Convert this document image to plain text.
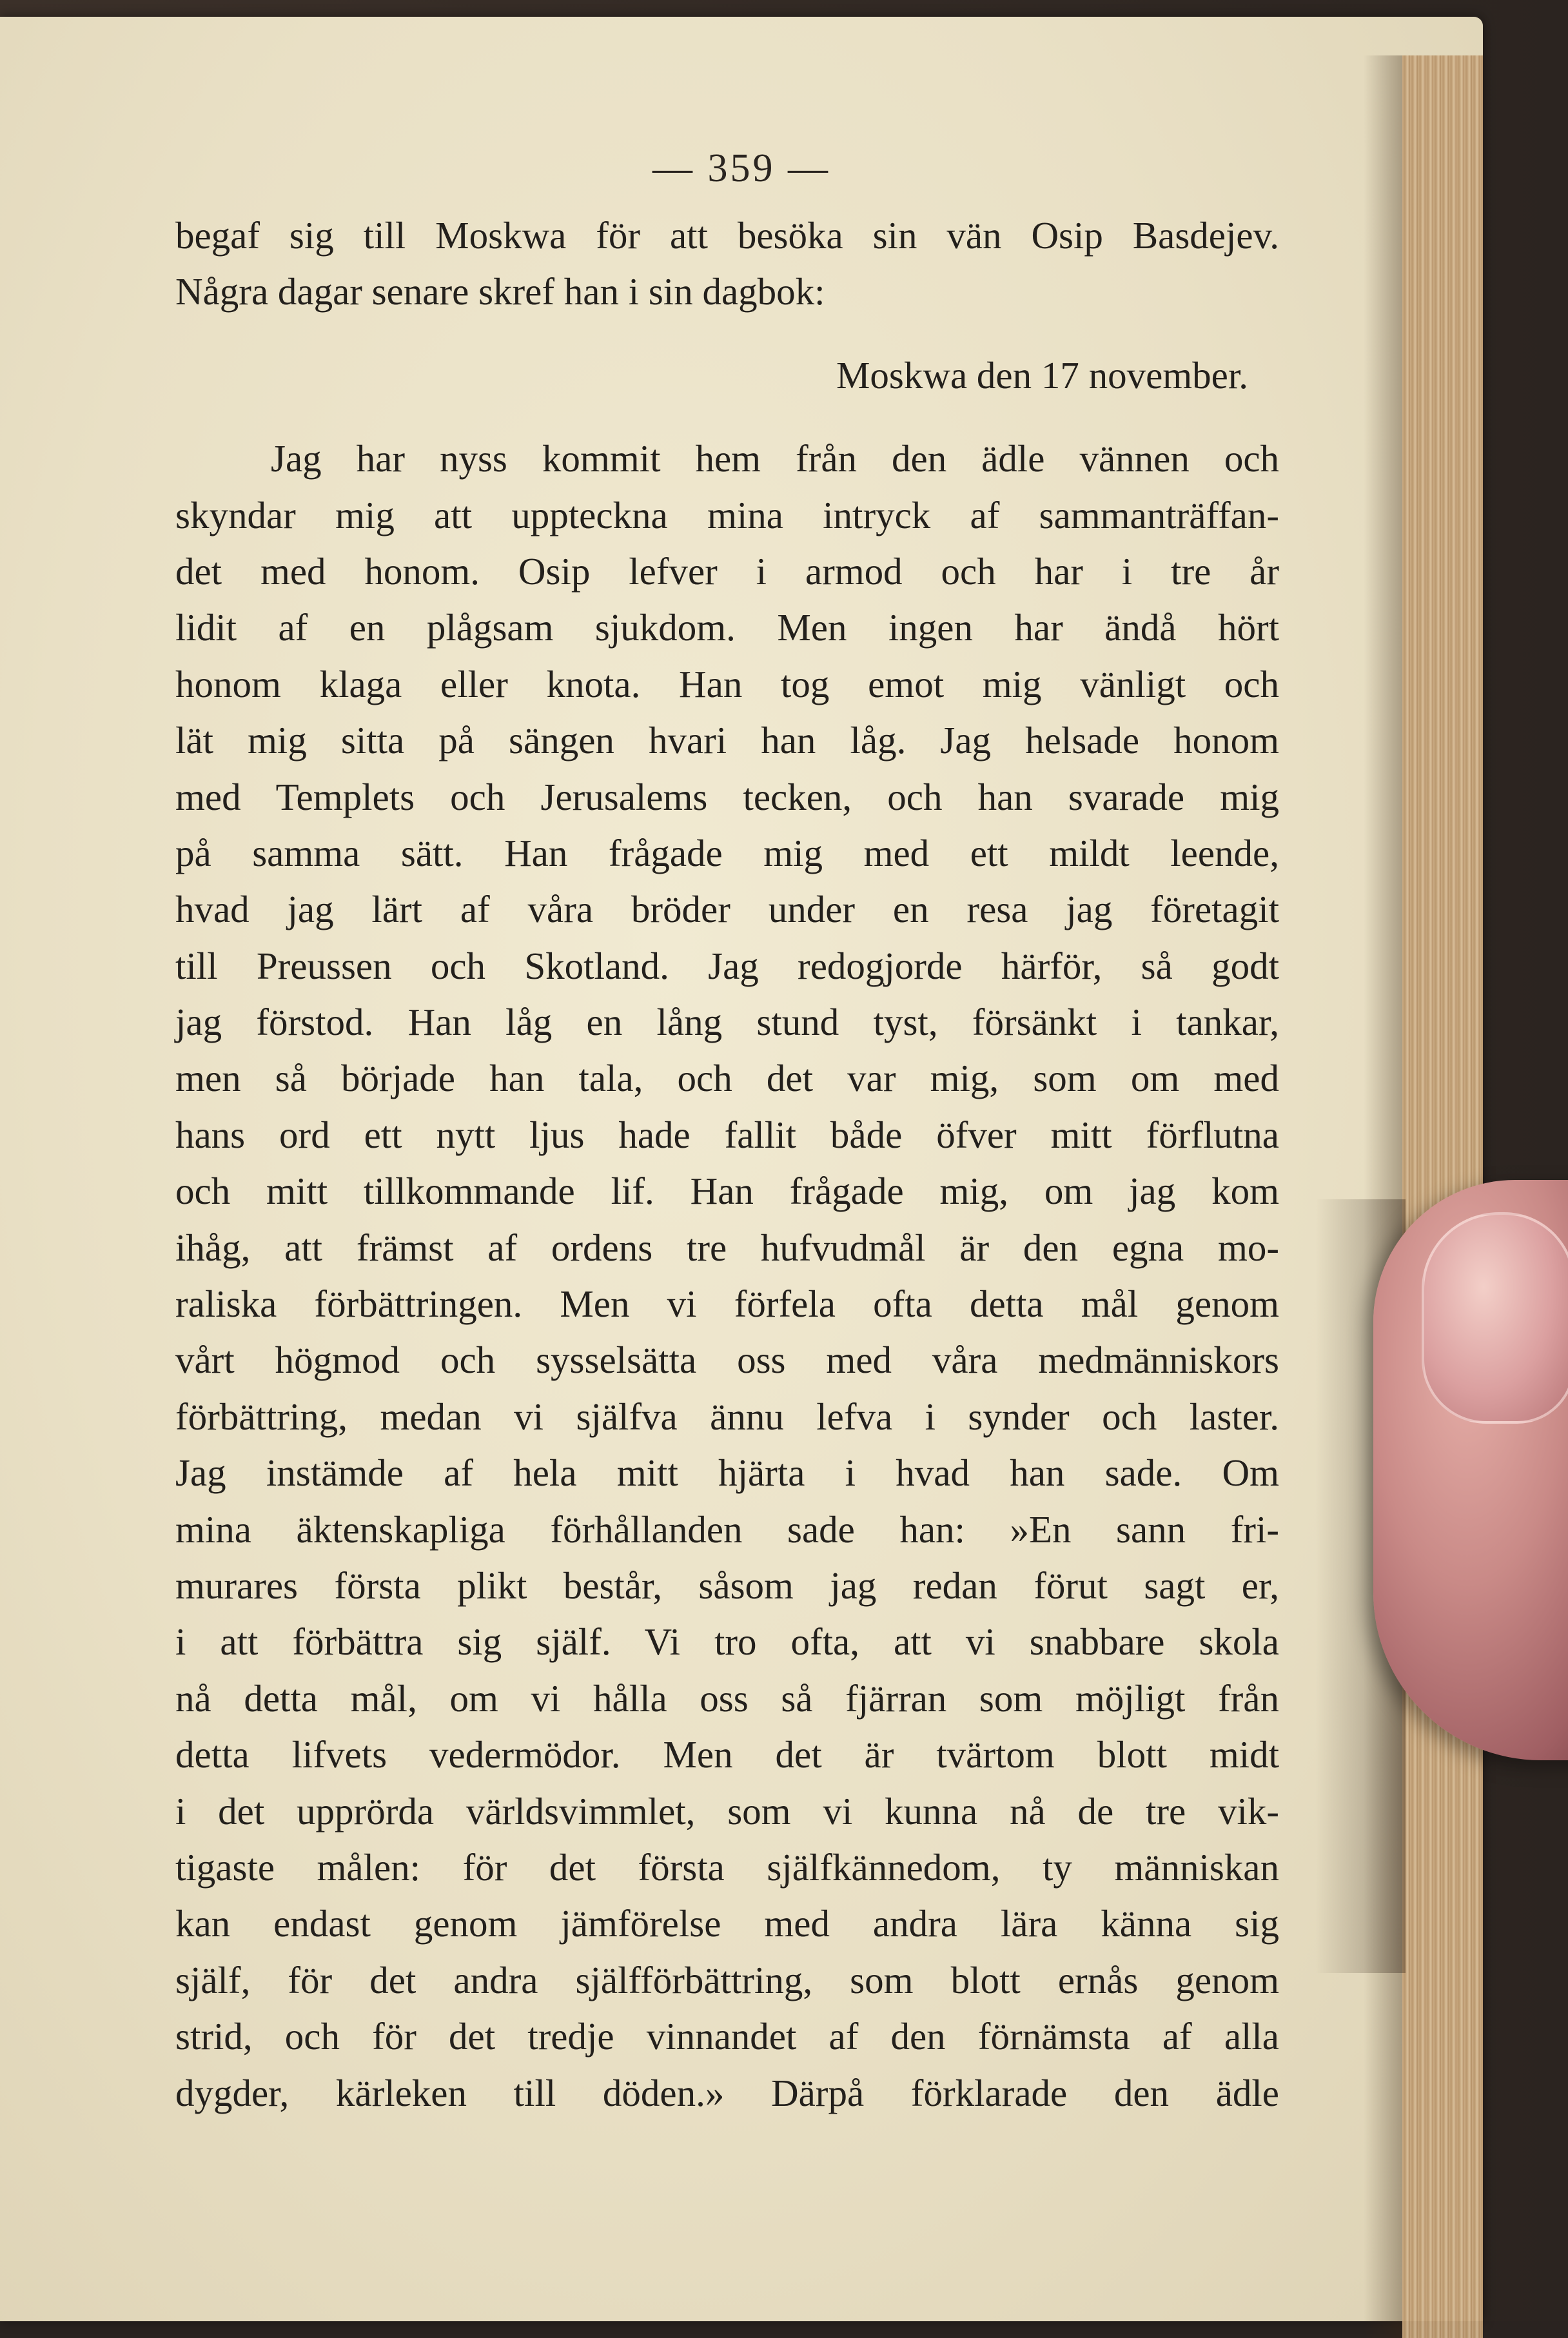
— 359 —
begaf sig till Moskwa för att besöka sin vän Osip Basdejev.
Några dagar senare skref han i sin dagbok:
Moskwa den 17 november.
Jag har nyss kommit hem från den ädle vännen och
skyndar mig att uppteckna mina intryck af sammanträffan-
det med honom. Osip lefver i armod och har i tre år
lidit af en plågsam sjukdom. Men ingen har ändå hört
honom klaga eller knota. Han tog emot mig vänligt och
lät mig sitta på sängen hvari han låg. Jag helsade honom
med Templets och Jerusalems tecken, och han svarade mig
på samma sätt. Han frågade mig med ett mildt leende,
hvad jag lärt af våra bröder under en resa jag företagit
till Preussen och Skotland. Jag redogjorde härför, så godt
jag förstod. Han låg en lång stund tyst, försänkt i tankar,
men så började han tala, och det var mig, som om med
hans ord ett nytt ljus hade fallit både öfver mitt förflutna
och mitt tillkommande lif. Han frågade mig, om jag kom
ihåg, att främst af ordens tre hufvudmål är den egna mo-
raliska förbättringen. Men vi förfela ofta detta mål genom
vårt högmod och sysselsätta oss med våra medmänniskors
förbättring, medan vi själfva ännu lefva i synder och laster.
Jag instämde af hela mitt hjärta i hvad han sade. Om
mina äktenskapliga förhållanden sade han: »En sann fri-
murares första plikt består, såsom jag redan förut sagt er,
i att förbättra sig själf. Vi tro ofta, att vi snabbare skola
nå detta mål, om vi hålla oss så fjärran som möjligt från
detta lifvets vedermödor. Men det är tvärtom blott midt
i det upprörda världsvimmlet, som vi kunna nå de tre vik-
tigaste målen: för det första själfkännedom, ty människan
kan endast genom jämförelse med andra lära känna sig
själf, för det andra själfförbättring, som blott ernås genom
strid, och för det tredje vinnandet af den förnämsta af alla
dygder, kärleken till döden.» Därpå förklarade den ädle
